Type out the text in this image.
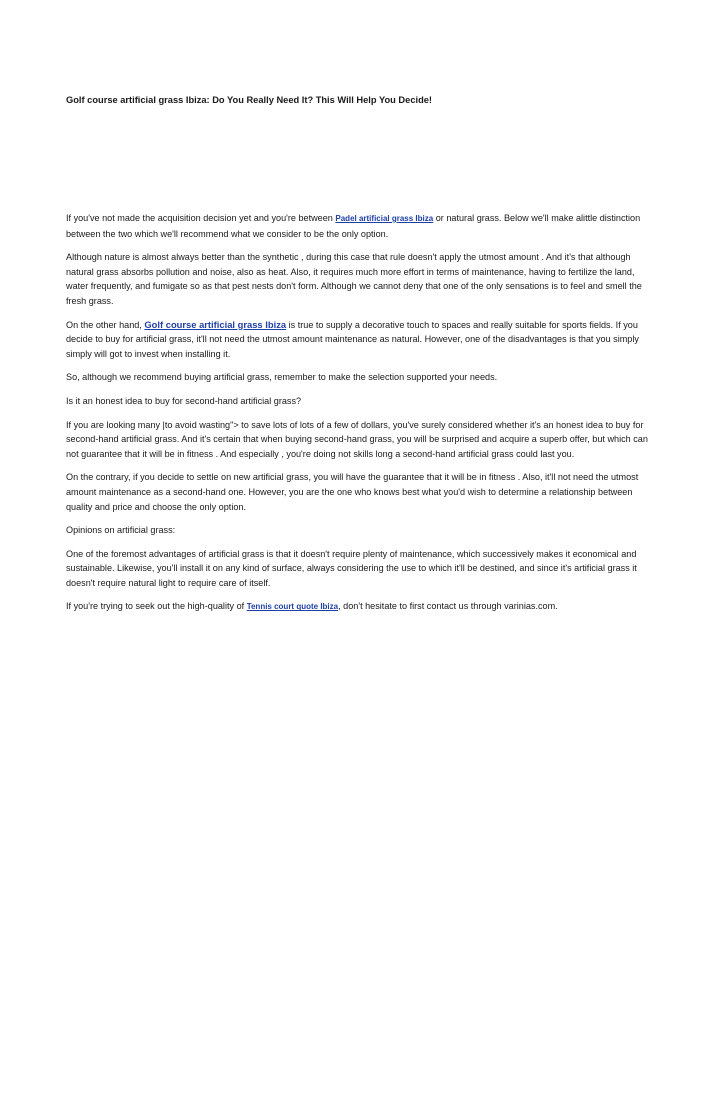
Golf course artificial grass Ibiza: Do You Really Need It? This Will Help You Decide!

If you've not made the acquisition decision yet and you're between Padel artificial grass Ibiza or natural grass. Below we'll make alittle distinction between the two which we'll recommend what we consider to be the only option.

Although nature is almost always better than the synthetic , during this case that rule doesn't apply the utmost amount . And it's that although natural grass absorbs pollution and noise, also as heat. Also, it requires much more effort in terms of maintenance, having to fertilize the land, water frequently, and fumigate so as that pest nests don't form. Although we cannot deny that one of the only sensations is to feel and smell the fresh grass.

On the other hand, Golf course artificial grass Ibiza is true to supply a decorative touch to spaces and really suitable for sports fields. If you decide to buy for artificial grass, it'll not need the utmost amount maintenance as natural. However, one of the disadvantages is that you simply simply will got to invest when installing it.

So, although we recommend buying artificial grass, remember to make the selection supported your needs.

Is it an honest idea to buy for second-hand artificial grass?

If you are looking many |to avoid wasting"> to save lots of lots of a few of dollars, you've surely considered whether it's an honest idea to buy for second-hand artificial grass. And it's certain that when buying second-hand grass, you will be surprised and acquire a superb offer, but which can not guarantee that it will be in fitness . And especially , you're doing not skills long a second-hand artificial grass could last you.

On the contrary, if you decide to settle on new artificial grass, you will have the guarantee that it will be in fitness . Also, it'll not need the utmost amount maintenance as a second-hand one. However, you are the one who knows best what you'd wish to determine a relationship between quality and price and choose the only option.

Opinions on artificial grass:

One of the foremost advantages of artificial grass is that it doesn't require plenty of maintenance, which successively makes it economical and sustainable. Likewise, you'll install it on any kind of surface, always considering the use to which it'll be destined, and since it's artificial grass it doesn't require natural light to require care of itself.

If you're trying to seek out the high-quality of Tennis court quote Ibiza, don't hesitate to first contact us through varinias.com.
